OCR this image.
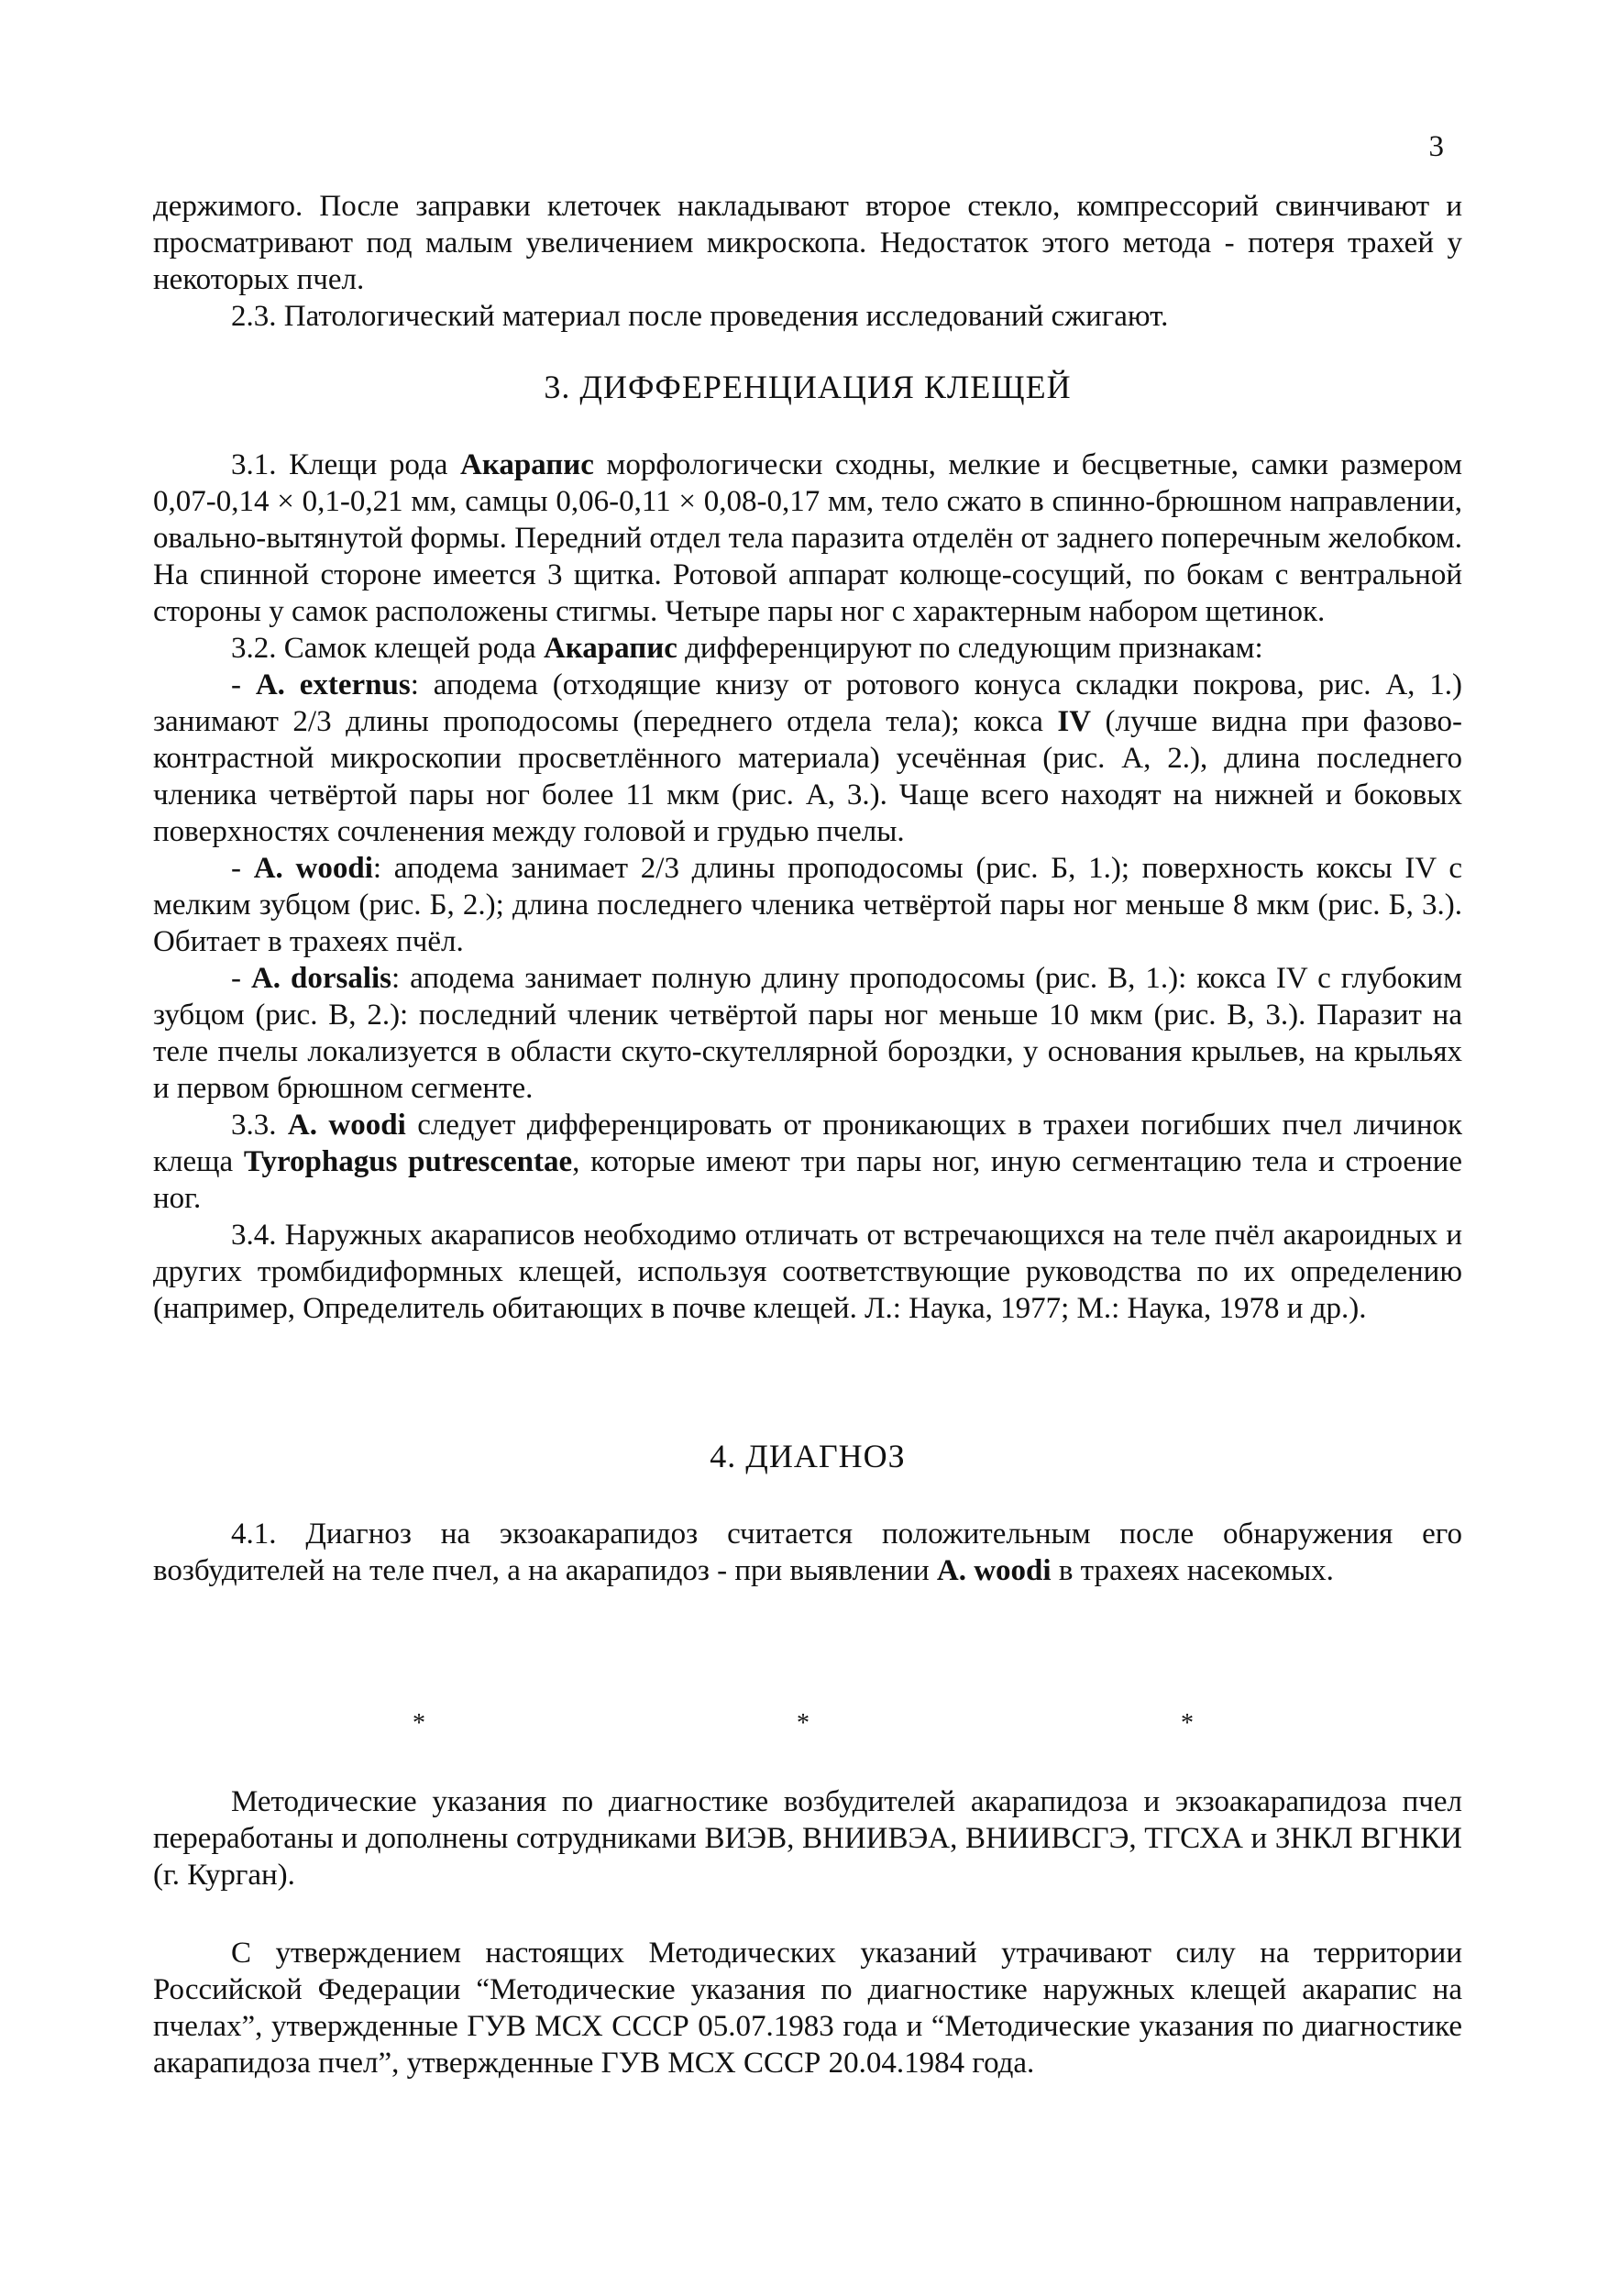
3

держимого. После заправки клеточек накладывают второе стекло, компрессорий свинчивают и просматривают под малым увеличением микроскопа. Недостаток этого метода - потеря трахей у некоторых пчел.

2.3. Патологический материал после проведения исследований сжигают.

3. ДИФФЕРЕНЦИАЦИЯ КЛЕЩЕЙ

3.1. Клещи рода Акарапис морфологически сходны, мелкие и бесцветные, самки размером 0,07-0,14 × 0,1-0,21 мм, самцы 0,06-0,11 × 0,08-0,17 мм, тело сжато в спинно-брюшном направлении, овально-вытянутой формы. Передний отдел тела паразита отделён от заднего поперечным желобком. На спинной стороне имеется 3 щитка. Ротовой аппарат колюще-сосущий, по бокам с вентральной стороны у самок расположены стигмы. Четыре пары ног с характерным набором щетинок.

3.2. Самок клещей рода Акарапис дифференцируют по следующим признакам:

- A. externus: аподема (отходящие книзу от ротового конуса складки покрова, рис. А, 1.) занимают 2/3 длины проподосомы (переднего отдела тела); кокса IV (лучше видна при фазово-контрастной микроскопии просветлённого материала) усечённая (рис. А, 2.), длина последнего членика четвёртой пары ног более 11 мкм (рис. А, 3.). Чаще всего находят на нижней и боковых поверхностях сочленения между головой и грудью пчелы.

- A. woodi: аподема занимает 2/3 длины проподосомы (рис. Б, 1.); поверхность коксы IV с мелким зубцом (рис. Б, 2.); длина последнего членика четвёртой пары ног меньше 8 мкм (рис. Б, 3.). Обитает в трахеях пчёл.

- A. dorsalis: аподема занимает полную длину проподосомы (рис. В, 1.): кокса IV с глубоким зубцом (рис. В, 2.): последний членик четвёртой пары ног меньше 10 мкм (рис. В, 3.). Паразит на теле пчелы локализуется в области скуто-скутеллярной бороздки, у основания крыльев, на крыльях и первом брюшном сегменте.

3.3. A. woodi следует дифференцировать от проникающих в трахеи погибших пчел личинок клеща Tyrophagus putrescentae, которые имеют три пары ног, иную сегментацию тела и строение ног.

3.4. Наружных акараписов необходимо отличать от встречающихся на теле пчёл акароидных и других тромбидиформных клещей, используя соответствующие руководства по их определению (например, Определитель обитающих в почве клещей. Л.: Наука, 1977; М.: Наука, 1978 и др.).

4. ДИАГНОЗ

4.1. Диагноз на экзоакарапидоз считается положительным после обнаружения его возбудителей на теле пчел, а на акарапидоз - при выявлении A. woodi в трахеях насекомых.

*	*	*

Методические указания по диагностике возбудителей акарапидоза и экзоакарапидоза пчел переработаны и дополнены сотрудниками ВИЭВ, ВНИИВЭА, ВНИИВСГЭ, ТГСХА и ЗНКЛ ВГНКИ (г. Курган).

С утверждением настоящих Методических указаний утрачивают силу на территории Российской Федерации “Методические указания по диагностике наружных клещей акарапис на пчелах”, утвержденные ГУВ МСХ СССР 05.07.1983 года и “Методические указания по диагностике акарапидоза пчел”, утвержденные ГУВ МСХ СССР 20.04.1984 года.
